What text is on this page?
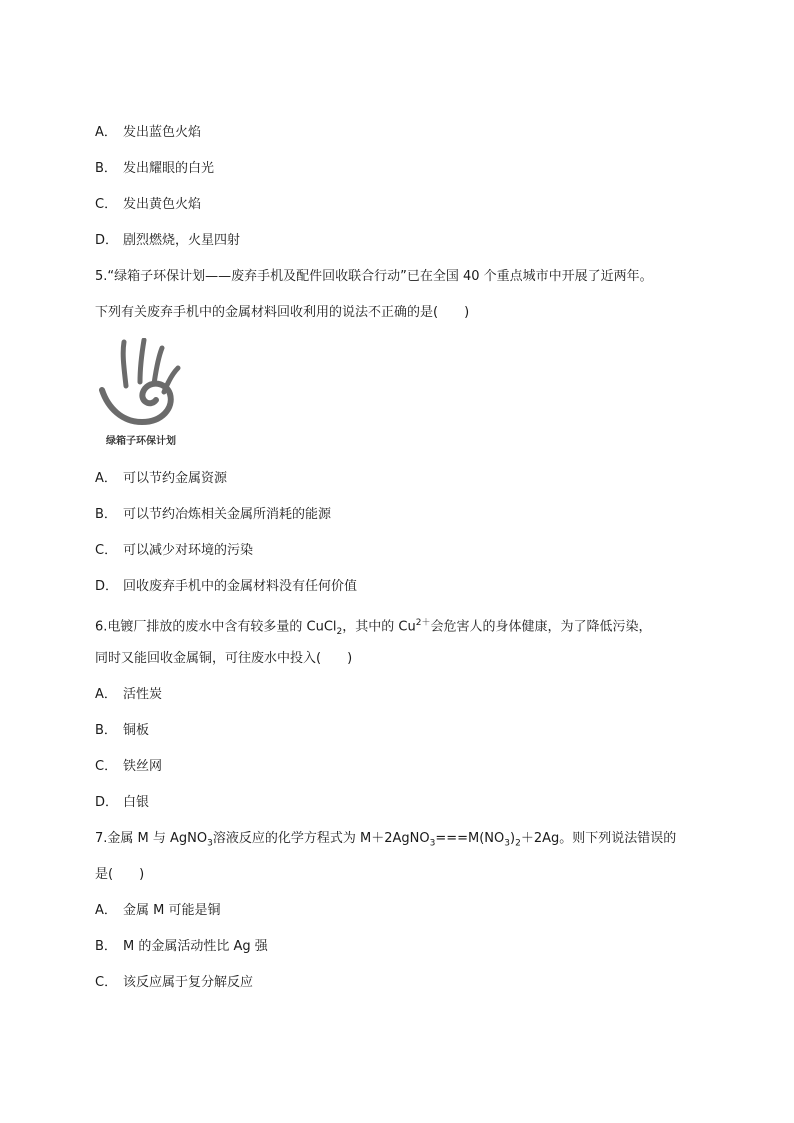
A． 发出蓝色火焰
B． 发出耀眼的白光
C． 发出黄色火焰
D． 剧烈燃烧，火星四射
5.“绿箱子环保计划——废弃手机及配件回收联合行动”已在全国 40 个重点城市中开展了近两年。
下列有关废弃手机中的金属材料回收利用的说法不正确的是(　　)
绿箱子环保计划
A． 可以节约金属资源
B． 可以节约冶炼相关金属所消耗的能源
C． 可以减少对环境的污染
D． 回收废弃手机中的金属材料没有任何价值
6.电镀厂排放的废水中含有较多量的 CuCl$_2$，其中的 $Cu^{2+}$会危害人的身体健康，为了降低污染，
同时又能回收金属铜，可往废水中投入(　　)
A． 活性炭
B． 铜板
C． 铁丝网
D． 白银
7.金属 M 与 AgNO$_3$溶液反应的化学方程式为 $M+2AgNO_3===M(NO_3)_2+2Ag$。则下列说法错误的
是(　　)
A． 金属 M 可能是铜
B． M 的金属活动性比 Ag 强
C． 该反应属于复分解反应
